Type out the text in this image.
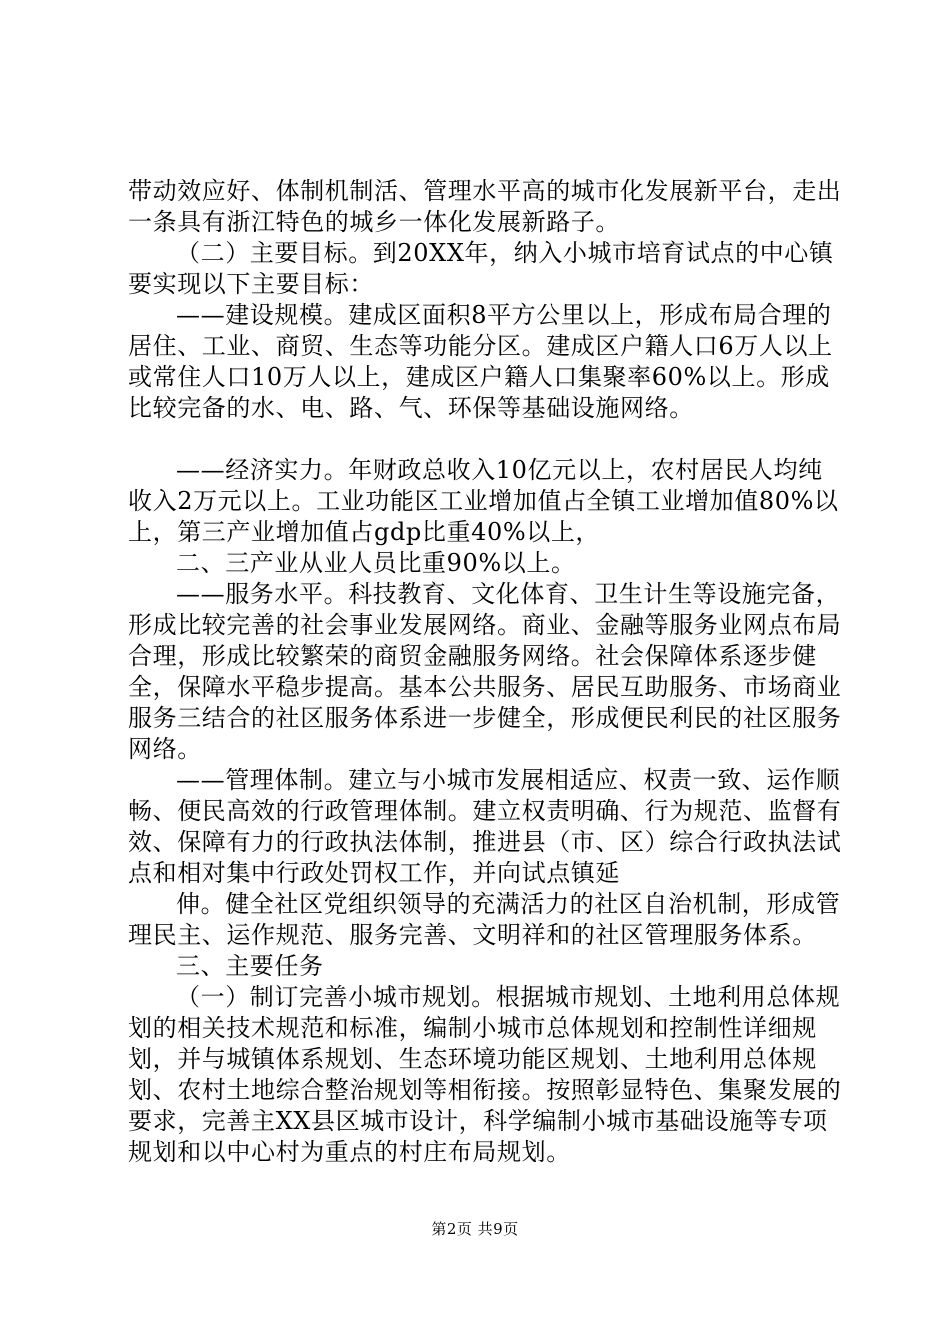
带动效应好、体制机制活、管理水平高的城市化发展新平台，走出一条具有浙江特色的城乡一体化发展新路子。

（二）主要目标。到20XX年，纳入小城市培育试点的中心镇要实现以下主要目标：

——建设规模。建成区面积8平方公里以上，形成布局合理的居住、工业、商贸、生态等功能分区。建成区户籍人口6万人以上或常住人口10万人以上，建成区户籍人口集聚率60%以上。形成比较完备的水、电、路、气、环保等基础设施网络。

——经济实力。年财政总收入10亿元以上，农村居民人均纯收入2万元以上。工业功能区工业增加值占全镇工业增加值80%以上，第三产业增加值占gdp比重40%以上，

二、三产业从业人员比重90%以上。

——服务水平。科技教育、文化体育、卫生计生等设施完备，形成比较完善的社会事业发展网络。商业、金融等服务业网点布局合理，形成比较繁荣的商贸金融服务网络。社会保障体系逐步健全，保障水平稳步提高。基本公共服务、居民互助服务、市场商业服务三结合的社区服务体系进一步健全，形成便民利民的社区服务网络。

——管理体制。建立与小城市发展相适应、权责一致、运作顺畅、便民高效的行政管理体制。建立权责明确、行为规范、监督有效、保障有力的行政执法体制，推进县（市、区）综合行政执法试点和相对集中行政处罚权工作，并向试点镇延

伸。健全社区党组织领导的充满活力的社区自治机制，形成管理民主、运作规范、服务完善、文明祥和的社区管理服务体系。

三、主要任务

（一）制订完善小城市规划。根据城市规划、土地利用总体规划的相关技术规范和标准，编制小城市总体规划和控制性详细规划，并与城镇体系规划、生态环境功能区规划、土地利用总体规划、农村土地综合整治规划等相衔接。按照彰显特色、集聚发展的要求，完善主XX县区城市设计，科学编制小城市基础设施等专项规划和以中心村为重点的村庄布局规划。

第2页 共9页
